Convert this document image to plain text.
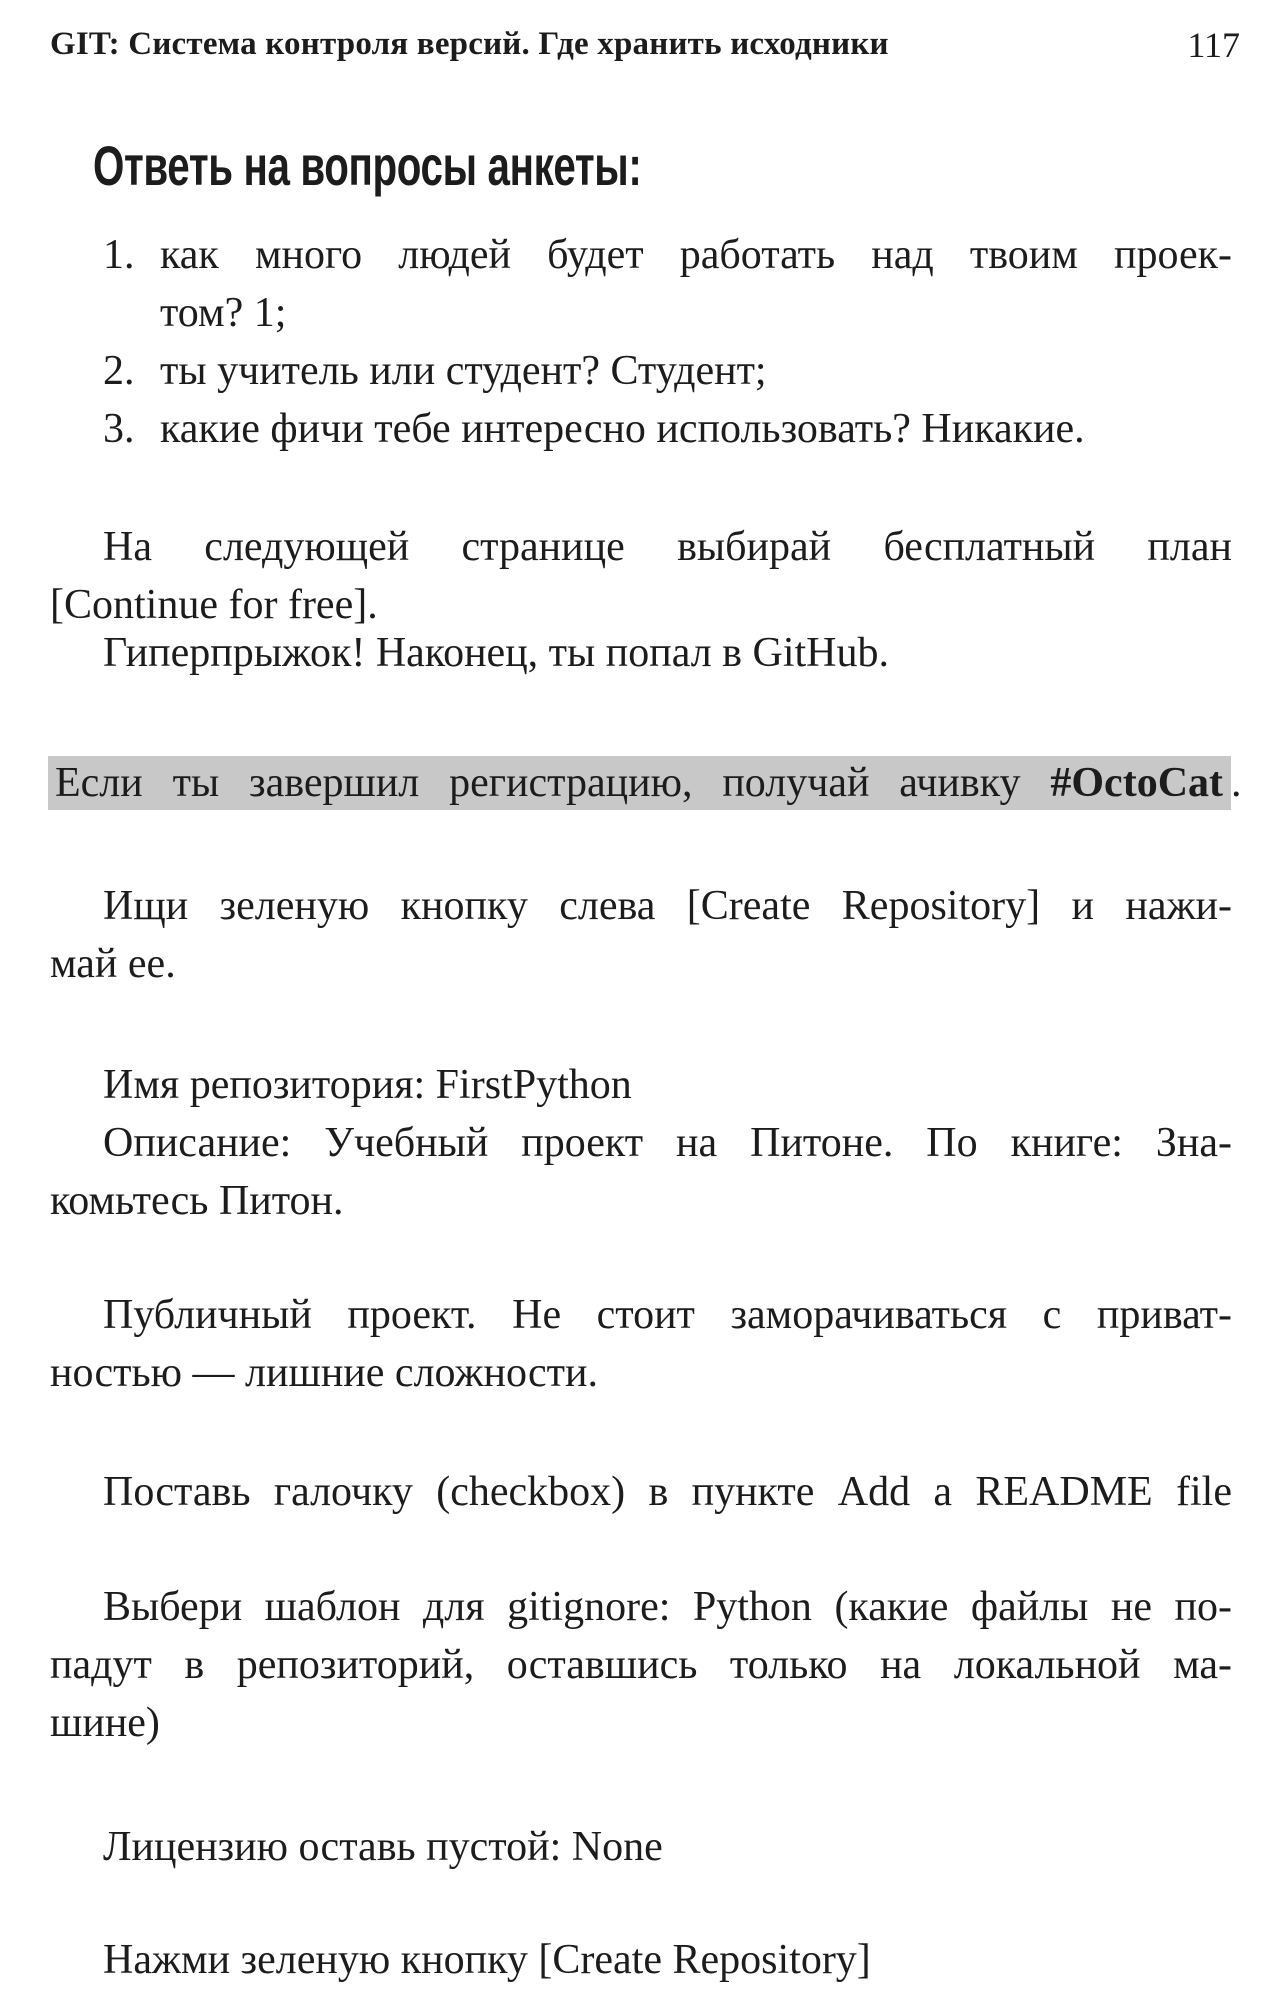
GIT: Система контроля версий. Где хранить исходники	117
Ответь на вопросы анкеты:
1. как много людей будет работать над твоим проек-
том? 1;
2. ты учитель или студент? Студент;
3. какие фичи тебе интересно использовать? Никакие.
На следующей странице выбирай бесплатный план
[Continue for free].
Гиперпрыжок! Наконец, ты попал в GitHub.
Если ты завершил регистрацию, получай ачивку #OctoCat .
Ищи зеленую кнопку слева [Create Repository] и нажи-
май ее.
Имя репозитория: FirstPython
Описание: Учебный проект на Питоне. По книге: Зна-
комьтесь Питон.
Публичный проект. Не стоит заморачиваться с приват-
ностью — лишние сложности.
Поставь галочку (checkbox) в пункте Add a README file
Выбери шаблон для gitignore: Python (какие файлы не по-
падут в репозиторий, оставшись только на локальной ма-
шине)
Лицензию оставь пустой: None
Нажми зеленую кнопку [Create Repository]
